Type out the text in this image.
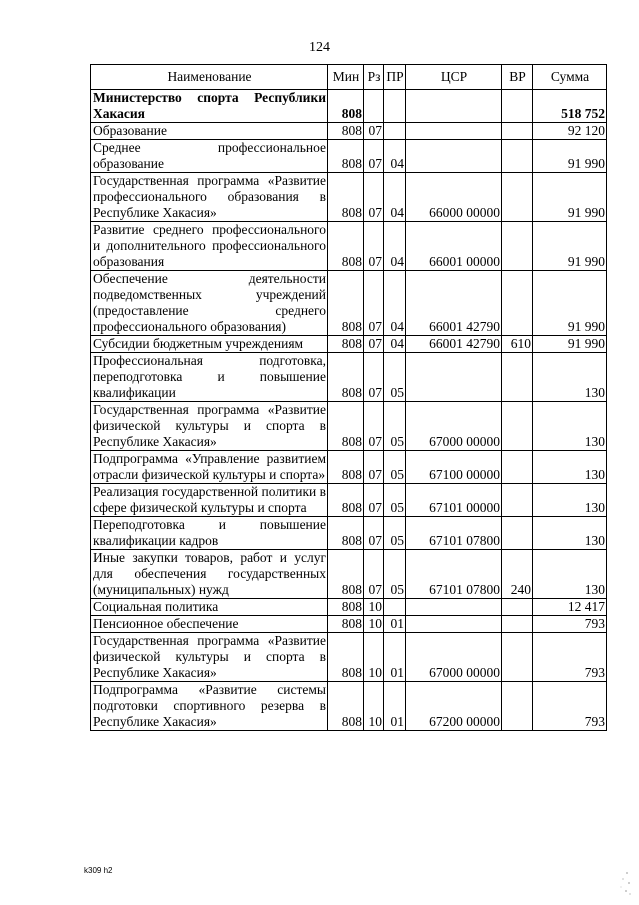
124
Наименование	Мин	Рз	ПР	ЦСР	ВР	Сумма
Министерство спорта Республики Хакасия	808					518 752
Образование	808	07				92 120
Среднее профессиональное образование	808	07	04			91 990
Государственная программа «Развитие профессионального образования в Республике Хакасия»	808	07	04	66000 00000		91 990
Развитие среднего профессионального и дополнительного профессионального образования	808	07	04	66001 00000		91 990
Обеспечение деятельности подведомственных учреждений (предоставление среднего профессионального образования)	808	07	04	66001 42790		91 990
Субсидии бюджетным учреждениям	808	07	04	66001 42790	610	91 990
Профессиональная подготовка, переподготовка и повышение квалификации	808	07	05			130
Государственная программа «Развитие физической культуры и спорта в Республике Хакасия»	808	07	05	67000 00000		130
Подпрограмма «Управление развитием отрасли физической культуры и спорта»	808	07	05	67100 00000		130
Реализация государственной политики в сфере физической культуры и спорта	808	07	05	67101 00000		130
Переподготовка и повышение квалификации кадров	808	07	05	67101 07800		130
Иные закупки товаров, работ и услуг для обеспечения государственных (муниципальных) нужд	808	07	05	67101 07800	240	130
Социальная политика	808	10				12 417
Пенсионное обеспечение	808	10	01			793
Государственная программа «Развитие физической культуры и спорта в Республике Хакасия»	808	10	01	67000 00000		793
Подпрограмма «Развитие системы подготовки спортивного резерва в Республике Хакасия»	808	10	01	67200 00000		793
k309 h2
